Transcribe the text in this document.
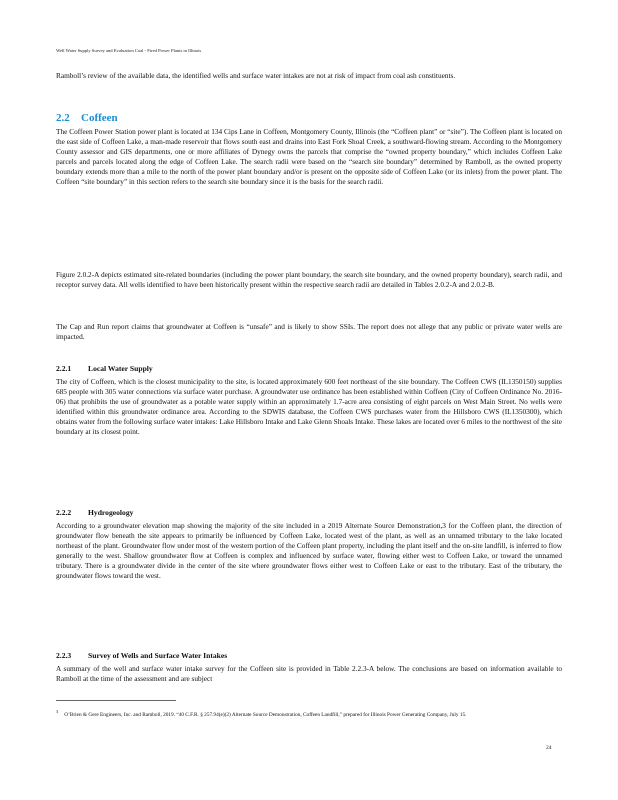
Well Water Supply Survey and Evaluation Coal - Fired Power Plants in Illinois
Ramboll’s review of the available data, the identified wells and surface water intakes are not at risk of impact from coal ash constituents.
2.2 Coffeen
The Coffeen Power Station power plant is located at 134 Cips Lane in Coffeen, Montgomery County, Illinois (the “Coffeen plant” or “site”). The Coffeen plant is located on the east side of Coffeen Lake, a man-made reservoir that flows south east and drains into East Fork Shoal Creek, a southward-flowing stream. According to the Montgomery County assessor and GIS departments, one or more affiliates of Dynegy owns the parcels that comprise the “owned property boundary,” which includes Coffeen Lake parcels and parcels located along the edge of Coffeen Lake. The search radii were based on the “search site boundary” determined by Ramboll, as the owned property boundary extends more than a mile to the north of the power plant boundary and/or is present on the opposite side of Coffeen Lake (or its inlets) from the power plant. The Coffeen “site boundary” in this section refers to the search site boundary since it is the basis for the search radii.
Figure 2.0.2-A depicts estimated site-related boundaries (including the power plant boundary, the search site boundary, and the owned property boundary), search radii, and receptor survey data. All wells identified to have been historically present within the respective search radii are detailed in Tables 2.0.2-A and 2.0.2-B.
The Cap and Run report claims that groundwater at Coffeen is “unsafe” and is likely to show SSIs. The report does not allege that any public or private water wells are impacted.
2.2.1 Local Water Supply
The city of Coffeen, which is the closest municipality to the site, is located approximately 600 feet northeast of the site boundary. The Coffeen CWS (IL1350150) supplies 685 people with 305 water connections via surface water purchase. A groundwater use ordinance has been established within Coffeen (City of Coffeen Ordinance No. 2016-06) that prohibits the use of groundwater as a potable water supply within an approximately 1.7-acre area consisting of eight parcels on West Main Street. No wells were identified within this groundwater ordinance area. According to the SDWIS database, the Coffeen CWS purchases water from the Hillsboro CWS (IL1350300), which obtains water from the following surface water intakes: Lake Hillsboro Intake and Lake Glenn Shoals Intake. These lakes are located over 6 miles to the northwest of the site boundary at its closest point.
2.2.2 Hydrogeology
According to a groundwater elevation map showing the majority of the site included in a 2019 Alternate Source Demonstration,3 for the Coffeen plant, the direction of groundwater flow beneath the site appears to primarily be influenced by Coffeen Lake, located west of the plant, as well as an unnamed tributary to the lake located northeast of the plant. Groundwater flow under most of the western portion of the Coffeen plant property, including the plant itself and the on-site landfill, is inferred to flow generally to the west. Shallow groundwater flow at Coffeen is complex and influenced by surface water, flowing either west to Coffeen Lake, or toward the unnamed tributary. There is a groundwater divide in the center of the site where groundwater flows either west to Coffeen Lake or east to the tributary. East of the tributary, the groundwater flows toward the west.
2.2.3 Survey of Wells and Surface Water Intakes
A summary of the well and surface water intake survey for the Coffeen site is provided in Table 2.2.3-A below. The conclusions are based on information available to Ramboll at the time of the assessment and are subject
$^3$O’Brien & Gere Engineers, Inc. and Ramboll, 2019. “40 C.F.R. § 257.94(e)(2) Alternate Source Demonstration, Coffeen Landfill,” prepared for Illinois Power Generating Company, July 15.
24
